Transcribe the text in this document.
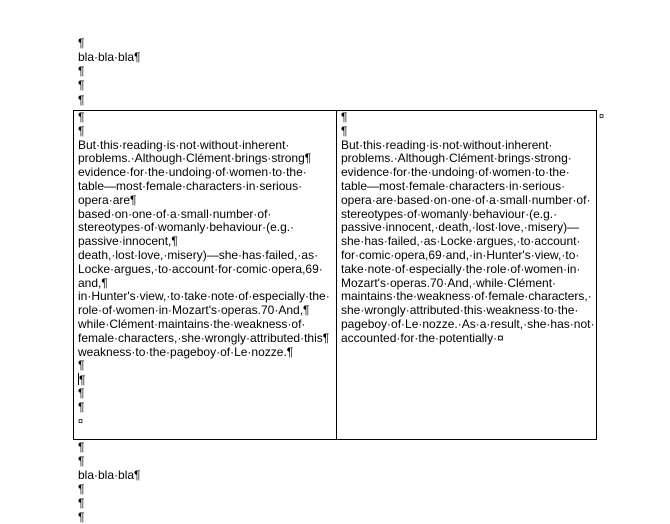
¶
bla·bla·bla¶
¶
¶
¶
¶
¶
But·this·reading·is·not·without·inherent·
problems.·Although·Clément·brings·strong¶
evidence·for·the·undoing·of·women·to·the·
table—most·female·characters·in·serious·
opera·are¶
based·on·one·of·a·small·number·of·
stereotypes·of·womanly·behaviour·(e.g.·
passive·innocent,¶
death,·lost·love,·misery)—she·has·failed,·as·
Locke·argues,·to·account·for·comic·opera,69·
and,¶
in·Hunter's·view,·to·take·note·of·especially·the·
role·of·women·in·Mozart's·operas.70·And,¶
while·Clément·maintains·the·weakness·of·
female·characters,·she·wrongly·attributed·this¶
weakness·to·the·pageboy·of·Le·nozze.¶
¶
¶
¶
¶
¤
¶
¶
But·this·reading·is·not·without·inherent·
problems.·Although·Clément·brings·strong·
evidence·for·the·undoing·of·women·to·the·
table—most·female·characters·in·serious·
opera·are·based·on·one·of·a·small·number·of·
stereotypes·of·womanly·behaviour·(e.g.·
passive·innocent,·death,·lost·love,·misery)—
she·has·failed,·as·Locke·argues,·to·account·
for·comic·opera,69·and,·in·Hunter's·view,·to·
take·note·of·especially·the·role·of·women·in·
Mozart's·operas.70·And,·while·Clément·
maintains·the·weakness·of·female·characters,·
she·wrongly·attributed·this·weakness·to·the·
pageboy·of·Le·nozze.·As·a·result,·she·has·not·
accounted·for·the·potentially·¤
¤
¶
¶
bla·bla·bla¶
¶
¶
¶
